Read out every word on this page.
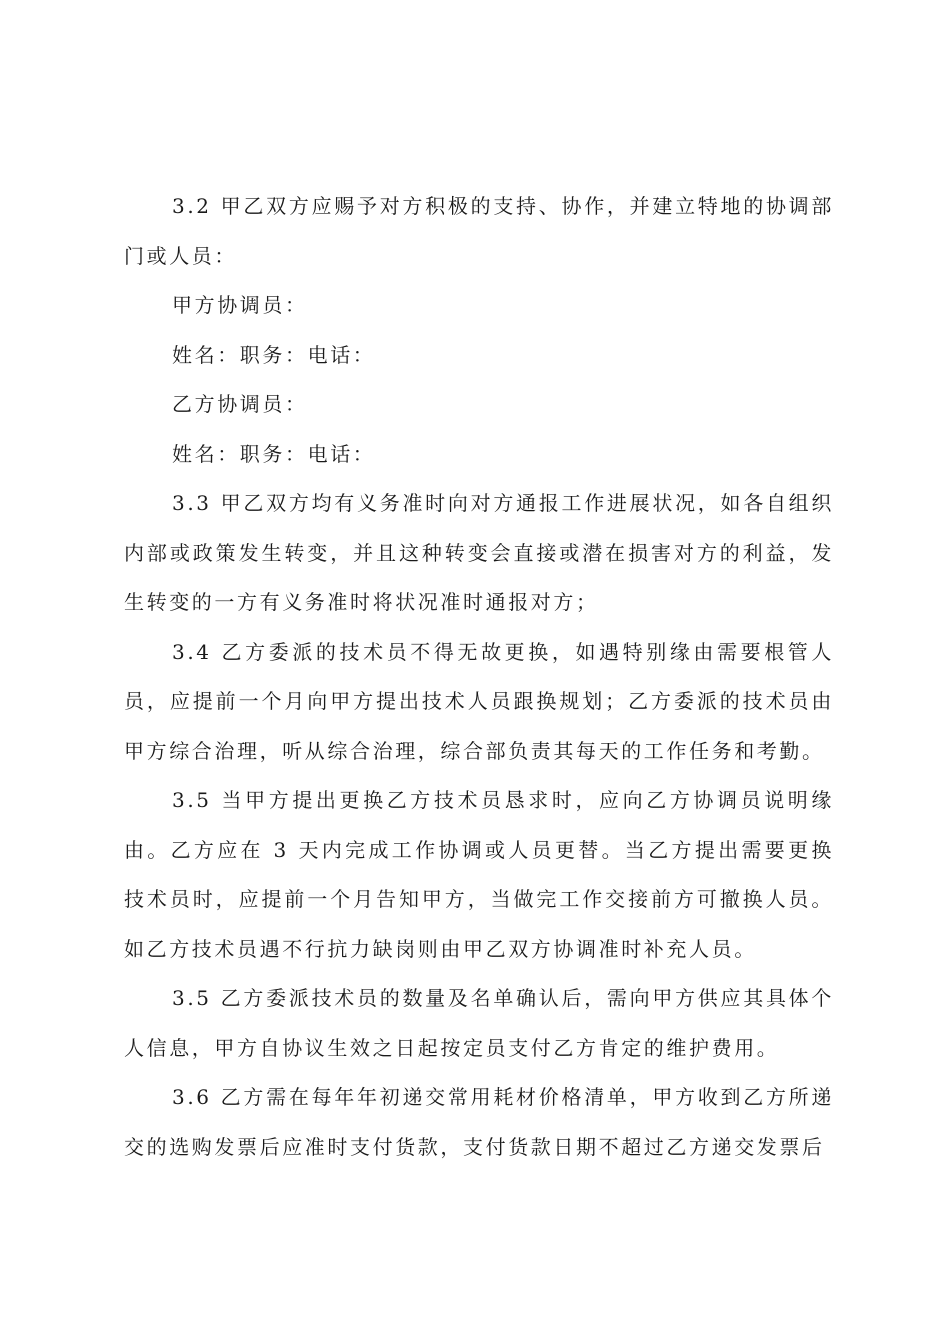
3.2 甲乙双方应赐予对方积极的支持、协作，并建立特地的协调部门或人员：

甲方协调员：

姓名：职务：电话：

乙方协调员：

姓名：职务：电话：

3.3 甲乙双方均有义务准时向对方通报工作进展状况，如各自组织内部或政策发生转变，并且这种转变会直接或潜在损害对方的利益，发生转变的一方有义务准时将状况准时通报对方；

3.4 乙方委派的技术员不得无故更换，如遇特别缘由需要根管人员，应提前一个月向甲方提出技术人员跟换规划；乙方委派的技术员由甲方综合治理，听从综合治理，综合部负责其每天的工作任务和考勤。

3.5 当甲方提出更换乙方技术员恳求时，应向乙方协调员说明缘由。乙方应在 3 天内完成工作协调或人员更替。当乙方提出需要更换技术员时，应提前一个月告知甲方，当做完工作交接前方可撤换人员。如乙方技术员遇不行抗力缺岗则由甲乙双方协调准时补充人员。

3.5 乙方委派技术员的数量及名单确认后，需向甲方供应其具体个人信息，甲方自协议生效之日起按定员支付乙方肯定的维护费用。

3.6 乙方需在每年年初递交常用耗材价格清单，甲方收到乙方所递交的选购发票后应准时支付货款，支付货款日期不超过乙方递交发票后
